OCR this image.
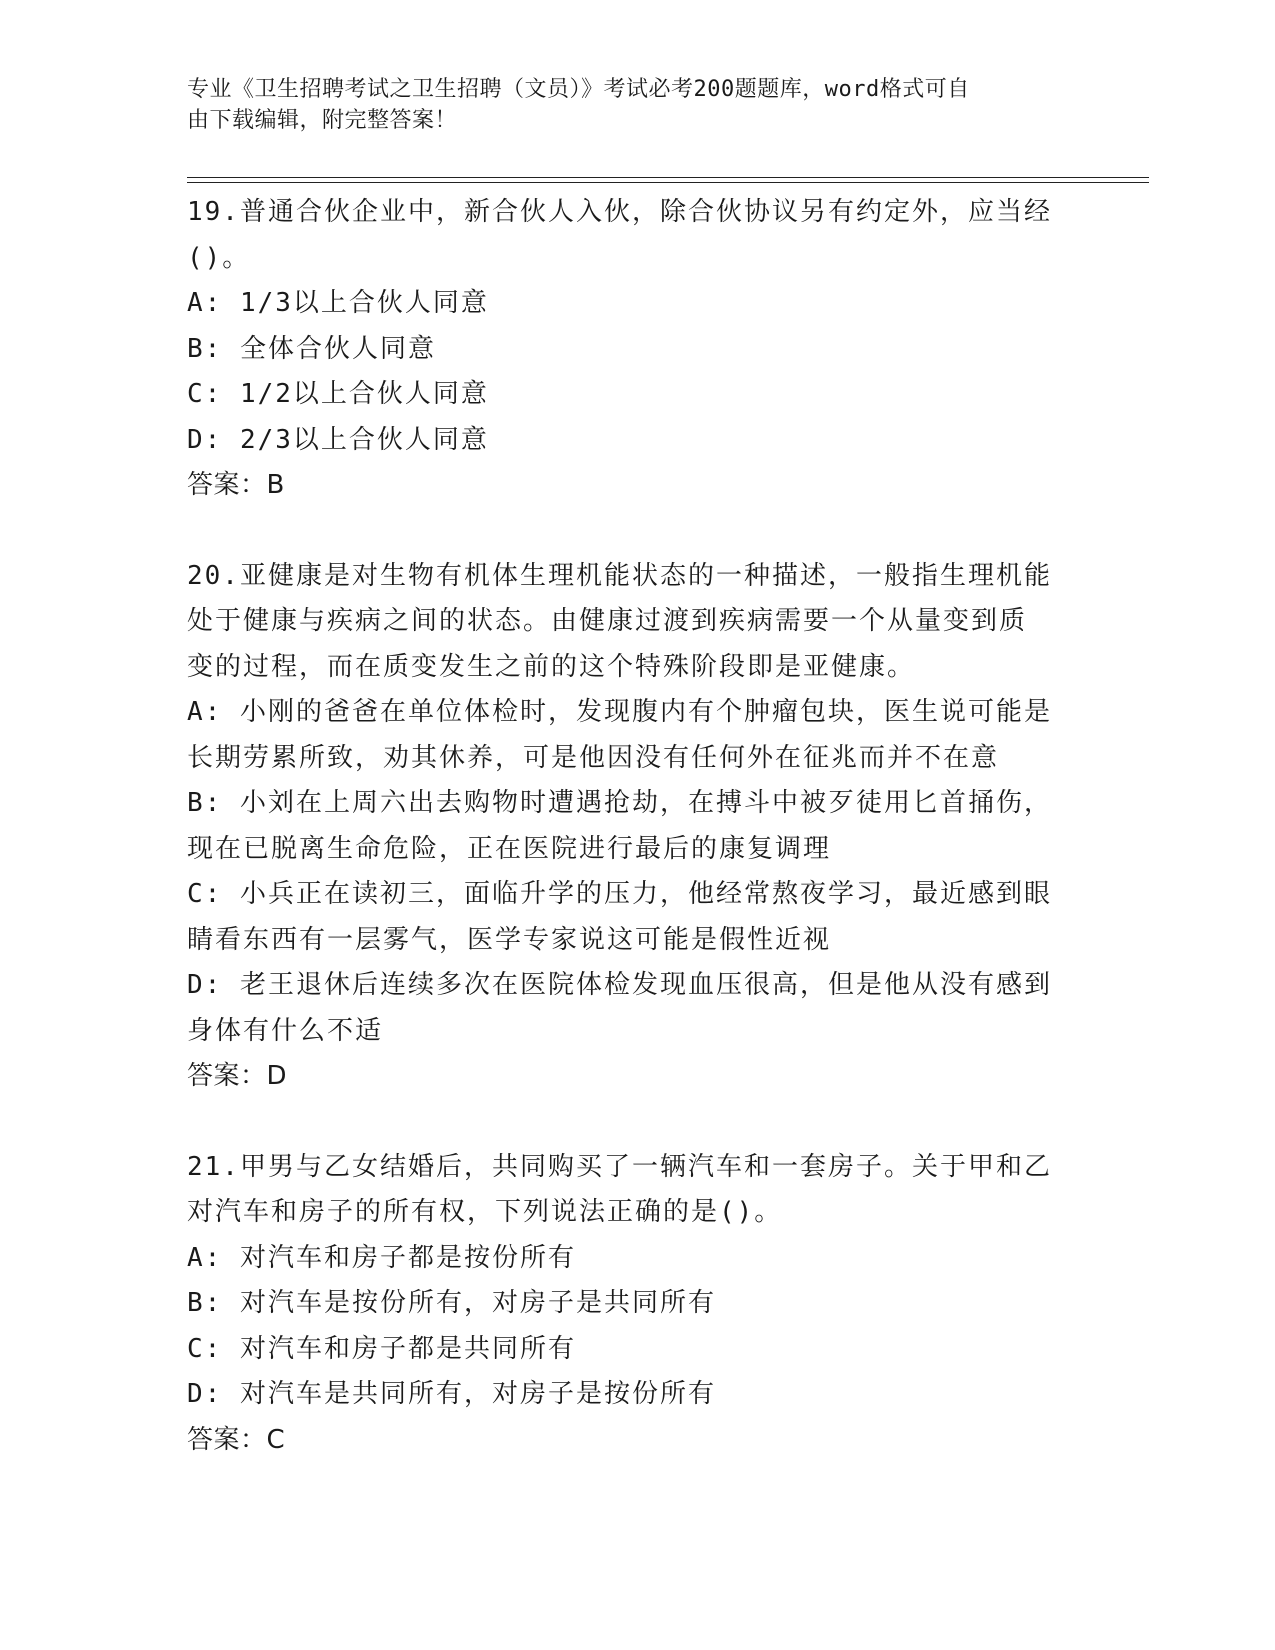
专业《卫生招聘考试之卫生招聘（文员）》考试必考200题题库，word格式可自
由下载编辑，附完整答案！
19.普通合伙企业中，新合伙人入伙，除合伙协议另有约定外，应当经
()。
A: 1/3以上合伙人同意
B: 全体合伙人同意
C: 1/2以上合伙人同意
D: 2/3以上合伙人同意
答案：B
20.亚健康是对生物有机体生理机能状态的一种描述，一般指生理机能
处于健康与疾病之间的状态。由健康过渡到疾病需要一个从量变到质
变的过程，而在质变发生之前的这个特殊阶段即是亚健康。
A: 小刚的爸爸在单位体检时，发现腹内有个肿瘤包块，医生说可能是
长期劳累所致，劝其休养，可是他因没有任何外在征兆而并不在意
B: 小刘在上周六出去购物时遭遇抢劫，在搏斗中被歹徒用匕首捅伤，
现在已脱离生命危险，正在医院进行最后的康复调理
C: 小兵正在读初三，面临升学的压力，他经常熬夜学习，最近感到眼
睛看东西有一层雾气，医学专家说这可能是假性近视
D: 老王退休后连续多次在医院体检发现血压很高，但是他从没有感到
身体有什么不适
答案：D
21.甲男与乙女结婚后，共同购买了一辆汽车和一套房子。关于甲和乙
对汽车和房子的所有权，下列说法正确的是()。
A: 对汽车和房子都是按份所有
B: 对汽车是按份所有，对房子是共同所有
C: 对汽车和房子都是共同所有
D: 对汽车是共同所有，对房子是按份所有
答案：C
